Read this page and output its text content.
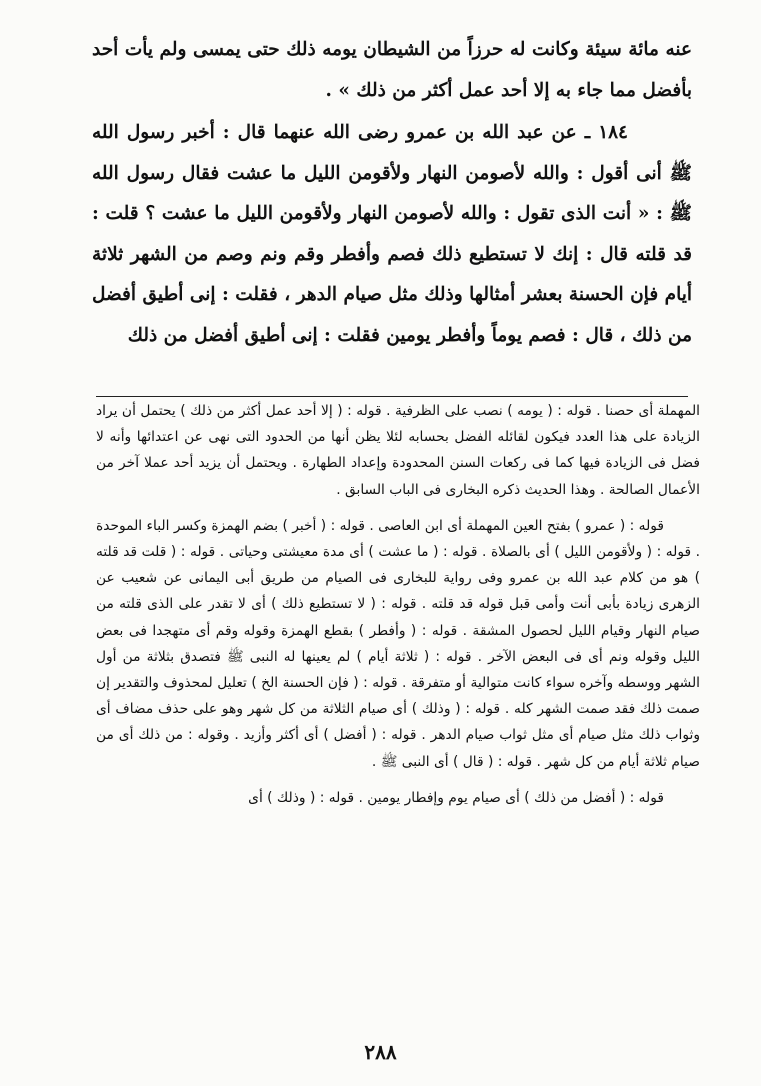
عنه مائة سيئة وكانت له حرزاً من الشيطان يومه ذلك حتى يمسى ولم يأت أحد بأفضل مما جاء به إلا أحد عمل أكثر من ذلك » .

١٨٤ ـ عن عبد الله بن عمرو رضى الله عنهما قال : أخبر رسول الله ﷺ أنى أقول : والله لأصومن النهار ولأقومن الليل ما عشت فقال رسول الله ﷺ : « أنت الذى تقول : والله لأصومن النهار ولأقومن الليل ما عشت ؟ قلت : قد قلته قال : إنك لا تستطيع ذلك فصم وأفطر وقم ونم وصم من الشهر ثلاثة أيام فإن الحسنة بعشر أمثالها وذلك مثل صيام الدهر ، فقلت : إنى أطيق أفضل من ذلك ، قال : فصم يوماً وأفطر يومين فقلت : إنى أطيق أفضل من ذلك

المهملة أى حصنا . قوله : ( يومه ) نصب على الظرفية . قوله : ( إلا أحد عمل أكثر من ذلك ) يحتمل أن يراد الزيادة على هذا العدد فيكون لقائله الفضل بحسابه لئلا يظن أنها من الحدود التى نهى عن اعتدائها وأنه لا فضل فى الزيادة فيها كما فى ركعات السنن المحدودة وإعداد الطهارة . ويحتمل أن يزيد أحد عملا آخر من الأعمال الصالحة . وهذا الحديث ذكره البخارى فى الباب السابق .

قوله : ( عمرو ) بفتح العين المهملة أى ابن العاصى . قوله : ( أخبر ) بضم الهمزة وكسر الباء الموحدة . قوله : ( ولأقومن الليل ) أى بالصلاة . قوله : ( ما عشت ) أى مدة معيشتى وحياتى . قوله : ( قلت قد قلته ) هو من كلام عبد الله بن عمرو وفى رواية للبخارى فى الصيام من طريق أبى اليمانى عن شعيب عن الزهرى زيادة بأبى أنت وأمى قبل قوله قد قلته . قوله : ( لا تستطيع ذلك ) أى لا تقدر على الذى قلته من صيام النهار وقيام الليل لحصول المشقة . قوله : ( وأفطر ) بقطع الهمزة وقوله وقم أى متهجدا فى بعض الليل وقوله ونم أى فى البعض الآخر . قوله : ( ثلاثة أيام ) لم يعينها له النبى ﷺ فتصدق بثلاثة من أول الشهر ووسطه وآخره سواء كانت متوالية أو متفرقة . قوله : ( فإن الحسنة الخ ) تعليل لمحذوف والتقدير إن صمت ذلك فقد صمت الشهر كله . قوله : ( وذلك ) أى صيام الثلاثة من كل شهر وهو على حذف مضاف أى وثواب ذلك مثل صيام أى مثل ثواب صيام الدهر . قوله : ( أفضل ) أى أكثر وأزيد . وقوله : من ذلك أى من صيام ثلاثة أيام من كل شهر . قوله : ( قال ) أى النبى ﷺ .

قوله : ( أفضل من ذلك ) أى صيام يوم وإفطار يومين . قوله : ( وذلك ) أى

٢٨٨
